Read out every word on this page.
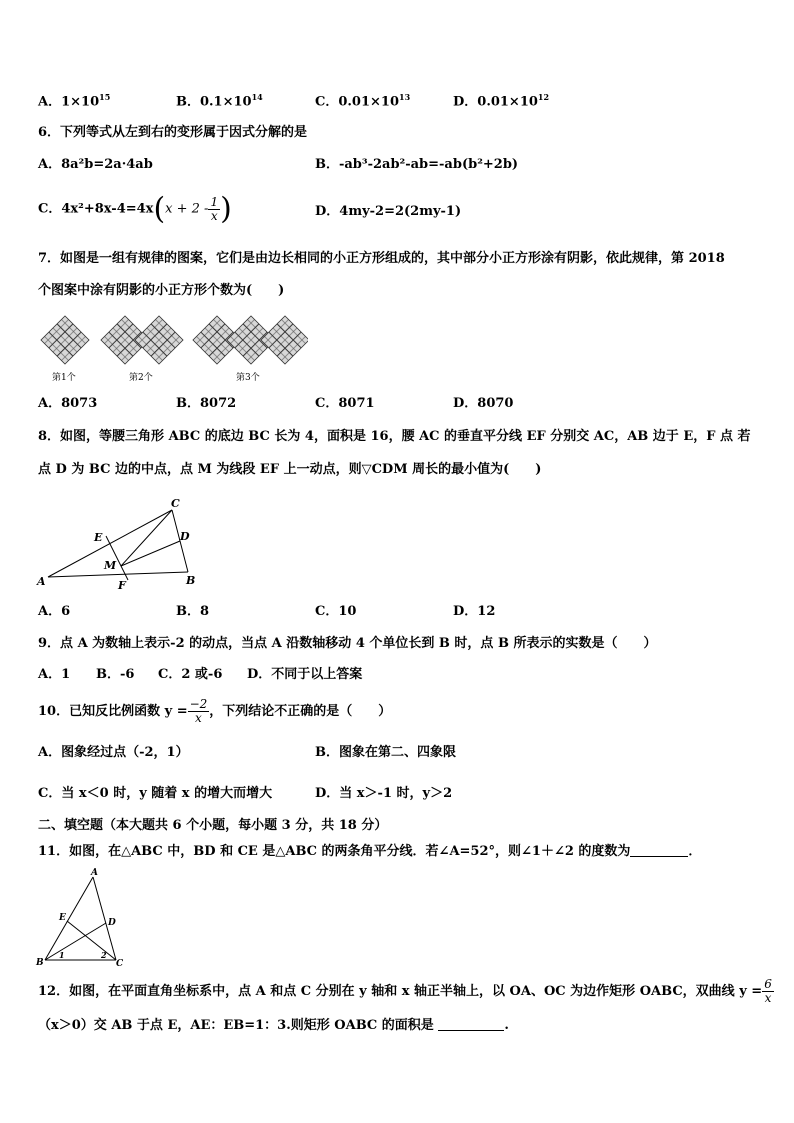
A．$1\times 10^{15}$	B．$0.1\times 10^{14}$	C．$0.01\times 10^{13}$	D．$0.01\times 10^{12}$
6．下列等式从左到右的变形属于因式分解的是
A．8a²b=2a·4ab	B．-ab³-2ab²-ab=-ab(b²+2b)
C．$4x^2+8x-4=4x(x + 2 - \frac{1}{x}$ )	D．4my-2=2(2my-1)
7．如图是一组有规律的图案，它们是由边长相同的小正方形组成的，其中部分小正方形涂有阴影，依此规律，第 2018
个图案中涂有阴影的小正方形个数为(　　)
第1个	第2个	第3个
A．8073	B．8072	C．8071	D．8070
8．如图，等腰三角形 ABC 的底边 BC 长为 4，面积是 16，腰 AC 的垂直平分线 EF 分别交 AC，AB 边于 E，F 点 若
点 D 为 BC 边的中点，点 M 为线段 EF 上一动点，则▽CDM 周长的最小值为(　　)
A	B
C
D
E
F
M
A．6	B．8	C．10	D．12
9．点 A 为数轴上表示-2 的动点，当点 A 沿数轴移动 4 个单位长到 B 时，点 B 所表示的实数是（　　）
A．1 B．-6 C．2 或-6 D．不同于以上答案
10．已知反比例函数 $y = \frac{-2}{x}$ ，下列结论不正确的是（　　）
A．图象经过点（-2，1）	B．图象在第二、四象限
C．当 x＜0 时，y 随着 x 的增大而增大	D．当 x＞-1 时，y＞2
二、填空题（本大题共 6 个小题，每小题 3 分，共 18 分）
11．如图，在△ABC 中，BD 和 CE 是△ABC 的两条角平分线．若∠A=52°，则∠1＋∠2 的度数为	．
A
B	C
D
E
1	2
12．如图，在平面直角坐标系中，点 A 和点 C 分别在 y 轴和 x 轴正半轴上，以 OA、OC 为边作矩形 OABC，双曲线 $y = \frac{6}{x}$
（x＞0）交 AB 于点 E，AE：EB=1：3.则矩形 OABC 的面积是	.
